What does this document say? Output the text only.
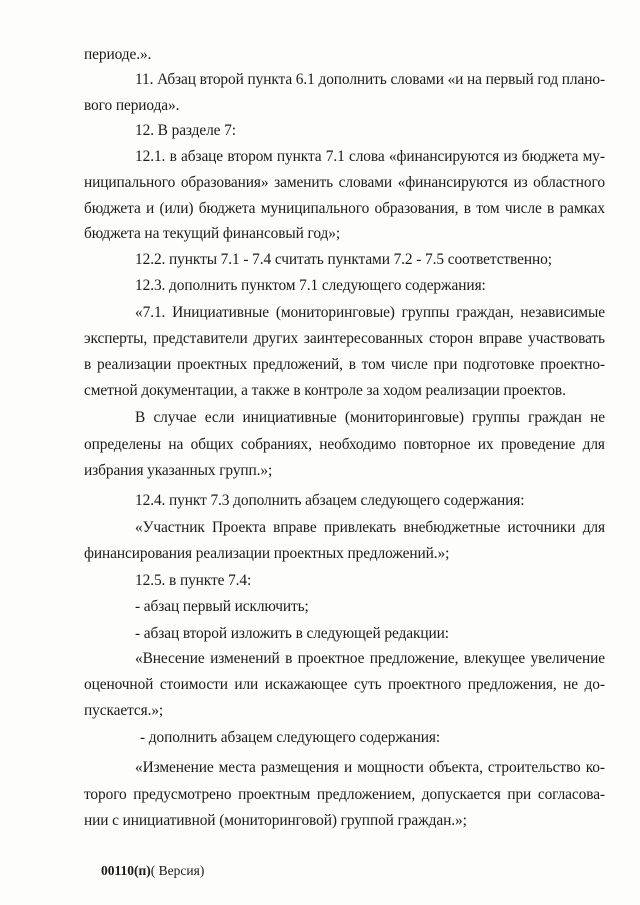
периоде.».
11. Абзац второй пункта 6.1 дополнить словами «и на первый год плано-
вого периода».
12. В разделе 7:
12.1. в абзаце втором пункта 7.1 слова «финансируются из бюджета му-
ниципального образования» заменить словами «финансируются из областного
бюджета и (или) бюджета муниципального образования, в том числе в рамках
бюджета на текущий финансовый год»;
12.2. пункты 7.1 - 7.4 считать пунктами 7.2 - 7.5 соответственно;
12.3. дополнить пунктом 7.1 следующего содержания:
«7.1. Инициативные (мониторинговые) группы граждан, независимые
эксперты, представители других заинтересованных сторон вправе участвовать
в реализации проектных предложений, в том числе при подготовке проектно-
сметной документации, а также в контроле за ходом реализации проектов.
В случае если инициативные (мониторинговые) группы граждан не
определены на общих собраниях, необходимо повторное их проведение для
избрания указанных групп.»;
12.4. пункт 7.3 дополнить абзацем следующего содержания:
«Участник Проекта вправе привлекать внебюджетные источники для
финансирования реализации проектных предложений.»;
12.5. в пункте 7.4:
- абзац первый исключить;
- абзац второй изложить в следующей редакции:
«Внесение изменений в проектное предложение, влекущее увеличение
оценочной стоимости или искажающее суть проектного предложения, не до-
пускается.»;
- дополнить абзацем следующего содержания:
«Изменение места размещения и мощности объекта, строительство ко-
торого предусмотрено проектным предложением, допускается при согласова-
нии с инициативной (мониторинговой) группой граждан.»;
00110(п)( Версия)
